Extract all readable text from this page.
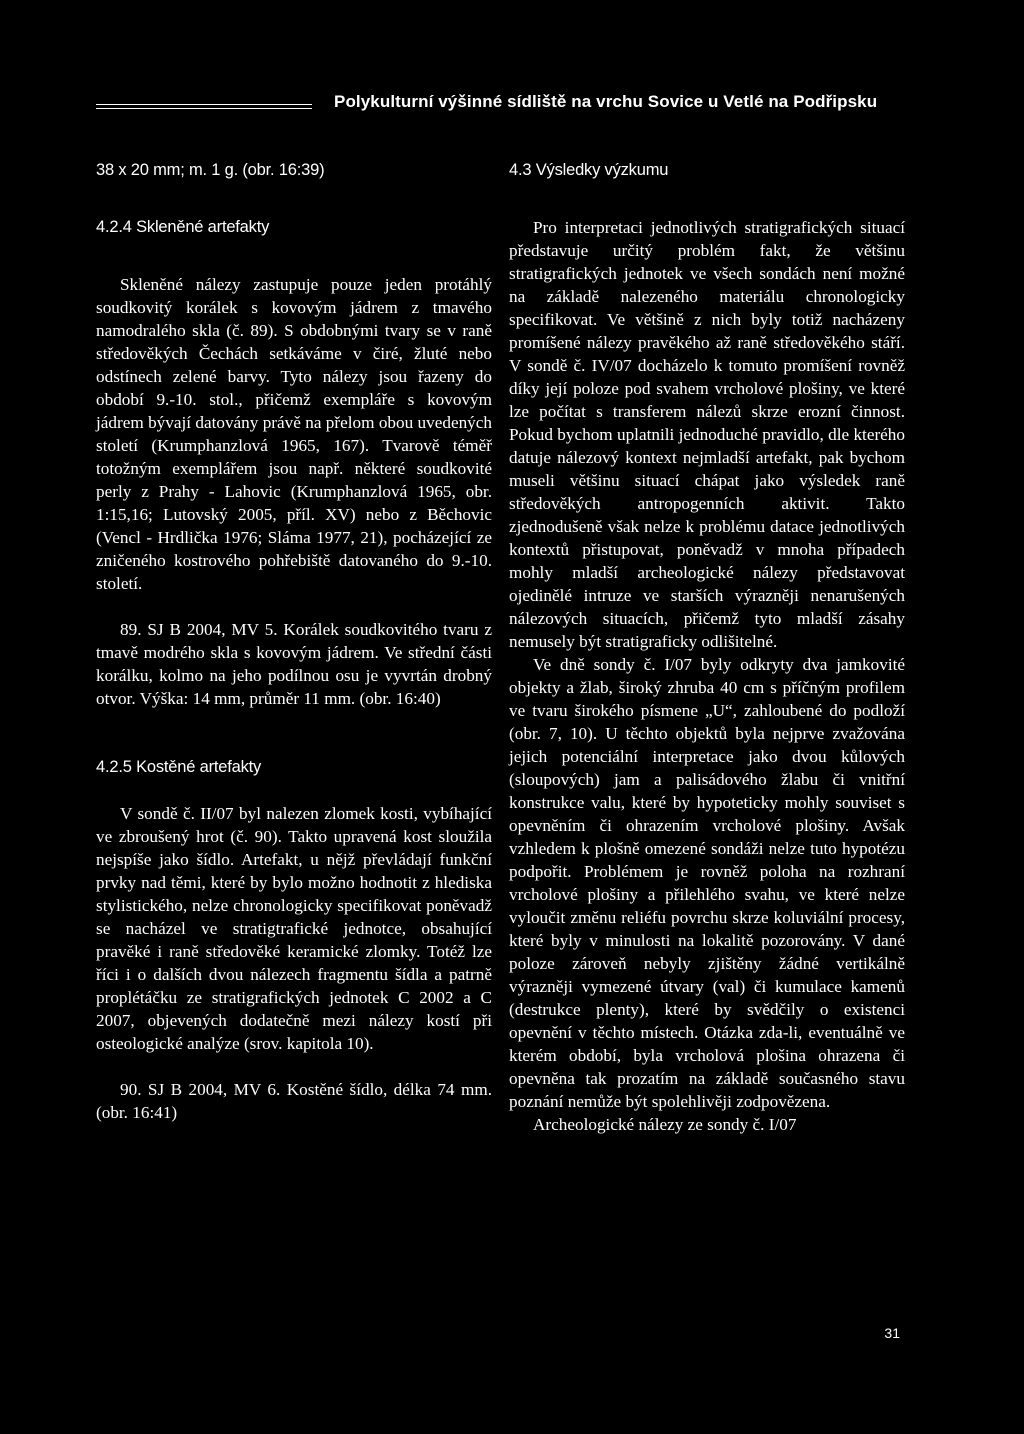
Polykulturní výšinné sídliště na vrchu Sovice u Vetlé na Podřipsku

38 x 20 mm; m. 1 g. (obr. 16:39)

4.2.4 Skleněné artefakty

Skleněné nálezy zastupuje pouze jeden protáhlý soudkovitý korálek s kovovým jádrem z tmavého namodralého skla (č. 89). S obdobnými tvary se v raně středověkých Čechách setkáváme v čiré, žluté nebo odstínech zelené barvy. Tyto nálezy jsou řazeny do období 9.-10. stol., přičemž exempláře s kovovým jádrem bývají datovány právě na přelom obou uvedených století (Krumphanzlová 1965, 167). Tvarově téměř totožným exemplářem jsou např. některé soudkovité perly z Prahy - Lahovic (Krumphanzlová 1965, obr. 1:15,16; Lutovský 2005, příl. XV) nebo z Běchovic (Vencl - Hrdlička 1976; Sláma 1977, 21), pocházející ze zničeného kostrového pohřebiště datovaného do 9.-10. století.

89. SJ B 2004, MV 5. Korálek soudkovitého tvaru z tmavě modrého skla s kovovým jádrem. Ve střední části korálku, kolmo na jeho podílnou osu je vyvrtán drobný otvor. Výška: 14 mm, průměr 11 mm. (obr. 16:40)

4.2.5 Kostěné artefakty

V sondě č. II/07 byl nalezen zlomek kosti, vybíhající ve zbroušený hrot (č. 90). Takto upravená kost sloužila nejspíše jako šídlo. Artefakt, u nějž převládají funkční prvky nad těmi, které by bylo možno hodnotit z hlediska stylistického, nelze chronologicky specifikovat poněvadž se nacházel ve stratigtrafické jednotce, obsahující pravěké i raně středověké keramické zlomky. Totéž lze říci i o dalších dvou nálezech fragmentu šídla a patrně proplétáčku ze stratigrafických jednotek C 2002 a C 2007, objevených dodatečně mezi nálezy kostí při osteologické analýze (srov. kapitola 10).

90. SJ B 2004, MV 6. Kostěné šídlo, délka 74 mm. (obr. 16:41)

4.3 Výsledky výzkumu

Pro interpretaci jednotlivých stratigrafických situací představuje určitý problém fakt, že většinu stratigrafických jednotek ve všech sondách není možné na základě nalezeného materiálu chronologicky specifikovat. Ve většině z nich byly totiž nacházeny promíšené nálezy pravěkého až raně středověkého stáří. V sondě č. IV/07 docházelo k tomuto promíšení rovněž díky její poloze pod svahem vrcholové plošiny, ve které lze počítat s transferem nálezů skrze erozní činnost. Pokud bychom uplatnili jednoduché pravidlo, dle kterého datuje nálezový kontext nejmladší artefakt, pak bychom museli většinu situací chápat jako výsledek raně středověkých antropogenních aktivit. Takto zjednodušeně však nelze k problému datace jednotlivých kontextů přistupovat, poněvadž v mnoha případech mohly mladší archeologické nálezy představovat ojedinělé intruze ve starších výrazněji nenarušených nálezových situacích, přičemž tyto mladší zásahy nemusely být stratigraficky odlišitelné.

Ve dně sondy č. I/07 byly odkryty dva jamkovité objekty a žlab, široký zhruba 40 cm s příčným profilem ve tvaru širokého písmene „U“, zahloubené do podloží (obr. 7, 10). U těchto objektů byla nejprve zvažována jejich potenciální interpretace jako dvou kůlových (sloupových) jam a palisádového žlabu či vnitřní konstrukce valu, které by hypoteticky mohly souviset s opevněním či ohrazením vrcholové plošiny. Avšak vzhledem k plošně omezené sondáži nelze tuto hypotézu podpořit. Problémem je rovněž poloha na rozhraní vrcholové plošiny a přilehlého svahu, ve které nelze vyloučit změnu reliéfu povrchu skrze koluviální procesy, které byly v minulosti na lokalitě pozorovány. V dané poloze zároveň nebyly zjištěny žádné vertikálně výrazněji vymezené útvary (val) či kumulace kamenů (destrukce plenty), které by svědčily o existenci opevnění v těchto místech. Otázka zda-li, eventuálně ve kterém období, byla vrcholová plošina ohrazena či opevněna tak prozatím na základě současného stavu poznání nemůže být spolehlivěji zodpovězena.

Archeologické nálezy ze sondy č. I/07

31
